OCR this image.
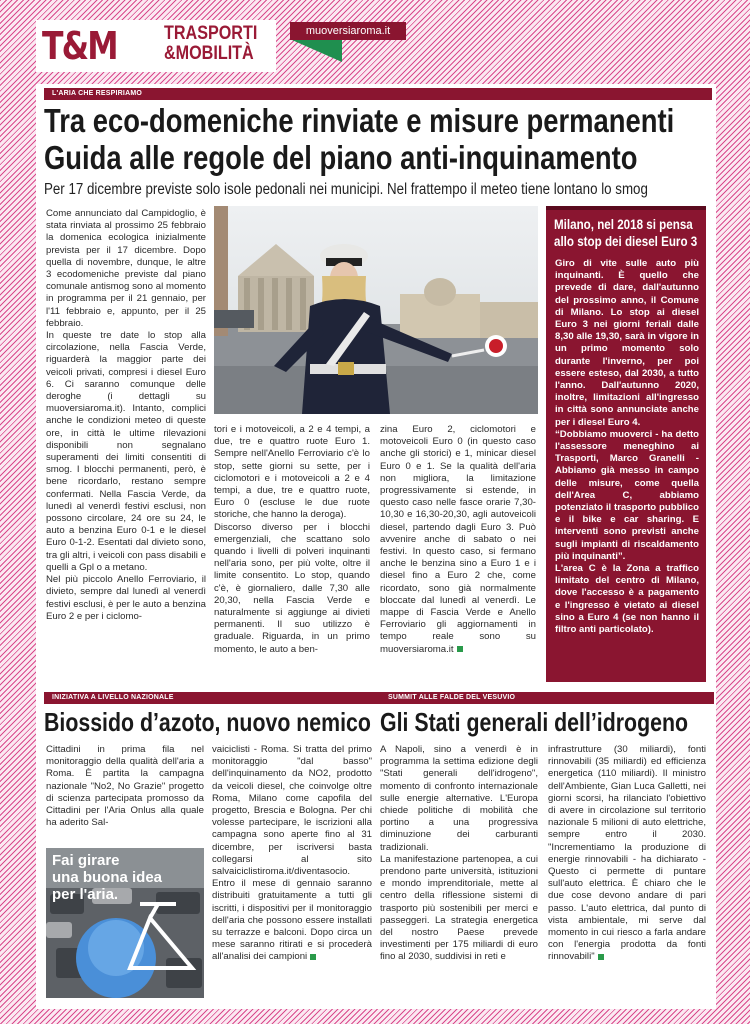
T&M TRASPORTI
&MOBILITÀ
muoversiaroma.it
L'ARIA CHE RESPIRIAMO
Tra eco-domeniche rinviate e misure permanenti
Guida alle regole del piano anti-inquinamento
Per 17 dicembre previste solo isole pedonali nei municipi. Nel frattempo il meteo tiene lontano lo smog

Come annunciato dal Campidoglio, è stata rinviata al prossimo 25 febbraio la domenica ecologica inizialmente prevista per il 17 dicembre. Dopo quella di novembre, dunque, le altre 3 ecodomeniche previste dal piano comunale antismog sono al momento in programma per il 21 gennaio, per l'11 febbraio e, appunto, per il 25 febbraio.

In queste tre date lo stop alla circolazione, nella Fascia Verde, riguarderà la maggior parte dei veicoli privati, compresi i diesel Euro 6. Ci saranno comunque delle deroghe (i dettagli su muoversiaroma.it). Intanto, complici anche le condizioni meteo di queste ore, in città le ultime rilevazioni disponibili non segnalano superamenti dei limiti consentiti di smog. I blocchi permanenti, però, è bene ricordarlo, restano sempre confermati. Nella Fascia Verde, da lunedì al venerdì festivi esclusi, non possono circolare, 24 ore su 24, le auto a benzina Euro 0-1 e le diesel Euro 0-1-2. Esentati dal divieto sono, tra gli altri, i veicoli con pass disabili e quelli a Gpl o a metano.

Nel più piccolo Anello Ferroviario, il divieto, sempre dal lunedì al venerdì festivi esclusi, è per le auto a benzina Euro 2 e per i ciclomo-

tori e i motoveicoli, a 2 e 4 tempi, a due, tre e quattro ruote Euro 1. Sempre nell'Anello Ferroviario c'è lo stop, sette giorni su sette, per i ciclomotori e i motoveicoli a 2 e 4 tempi, a due, tre e quattro ruote, Euro 0 (escluse le due ruote storiche, che hanno la deroga).

Discorso diverso per i blocchi emergenziali, che scattano solo quando i livelli di polveri inquinanti nell'aria sono, per più volte, oltre il limite consentito. Lo stop, quando c'è, è giornaliero, dalle 7,30 alle 20,30, nella Fascia Verde e naturalmente si aggiunge ai divieti permanenti. Il suo utilizzo è graduale. Riguarda, in un primo momento, le auto a ben-

zina Euro 2, ciclomotori e motoveicoli Euro 0 (in questo caso anche gli storici) e 1, minicar diesel Euro 0 e 1. Se la qualità dell'aria non migliora, la limitazione progressivamente si estende, in questo caso nelle fasce orarie 7,30-10,30 e 16,30-20,30, agli autoveicoli diesel, partendo dagli Euro 3. Può avvenire anche di sabato o nei festivi. In questo caso, si fermano anche le benzina sino a Euro 1 e i diesel fino a Euro 2 che, come ricordato, sono già normalmente bloccate dal lunedì al venerdì. Le mappe di Fascia Verde e Anello Ferroviario gli aggiornamenti in tempo reale sono su muoversiaroma.it

Milano, nel 2018 si pensa
allo stop dei diesel Euro 3

Giro di vite sulle auto più inquinanti. È quello che prevede di dare, dall'autunno del prossimo anno, il Comune di Milano. Lo stop ai diesel Euro 3 nei giorni feriali dalle 8,30 alle 19,30, sarà in vigore in un primo momento solo durante l'inverno, per poi essere esteso, dal 2030, a tutto l'anno. Dall'autunno 2020, inoltre, limitazioni all'ingresso in città sono annunciate anche per i diesel Euro 4.

“Dobbiamo muoverci - ha detto l'assessore meneghino ai Trasporti, Marco Granelli - Abbiamo già messo in campo delle misure, come quella dell'Area C, abbiamo potenziato il trasporto pubblico e il bike e car sharing. E interventi sono previsti anche sugli impianti di riscaldamento più inquinanti”.

L'area C è la Zona a traffico limitato del centro di Milano, dove l'accesso è a pagamento e l'ingresso è vietato ai diesel sino a Euro 4 (se non hanno il filtro anti particolato).

INIZIATIVA A LIVELLO NAZIONALE	SUMMIT ALLE FALDE DEL VESUVIO
Biossido d’azoto, nuovo nemico Gli Stati generali dell’idrogeno

Cittadini in prima fila nel monitoraggio della qualità dell'aria a Roma. È partita la campagna nazionale "No2, No Grazie" progetto di scienza partecipata promosso da Cittadini per l'Aria Onlus alla quale ha aderito Sal-

Fai girare
una buona idea
per l'aria.

vaiciclisti - Roma. Si tratta del primo monitoraggio "dal basso" dell'inquinamento da NO2, prodotto da veicoli diesel, che coinvolge oltre Roma, Milano come capofila del progetto, Brescia e Bologna. Per chi volesse partecipare, le iscrizioni alla campagna sono aperte fino al 31 dicembre, per iscriversi basta collegarsi al sito salvaiciclistiroma.it/diventasocio. Entro il mese di gennaio saranno distribuiti gratuitamente a tutti gli iscritti, i dispositivi per il monitoraggio dell'aria che possono essere installati su terrazze e balconi. Dopo circa un mese saranno ritirati e si procederà all'analisi dei campioni

A Napoli, sino a venerdì è in programma la settima edizione degli "Stati generali dell'idrogeno", momento di confronto internazionale sulle energie alternative. L'Europa chiede politiche di mobilità che portino a una progressiva diminuzione dei carburanti tradizionali.

La manifestazione partenopea, a cui prendono parte università, istituzioni e mondo imprenditoriale, mette al centro della riflessione sistemi di trasporto più sostenibili per merci e passeggeri. La strategia energetica del nostro Paese prevede investimenti per 175 miliardi di euro fino al 2030, suddivisi in reti e

infrastrutture (30 miliardi), fonti rinnovabili (35 miliardi) ed efficienza energetica (110 miliardi). Il ministro dell'Ambiente, Gian Luca Galletti, nei giorni scorsi, ha rilanciato l'obiettivo di avere in circolazione sul territorio nazionale 5 milioni di auto elettriche, sempre entro il 2030. "Incrementiamo la produzione di energie rinnovabili - ha dichiarato - Questo ci permette di puntare sull'auto elettrica. È chiaro che le due cose devono andare di pari passo. L'auto elettrica, dal punto di vista ambientale, mi serve dal momento in cui riesco a farla andare con l'energia prodotta da fonti rinnovabili"
